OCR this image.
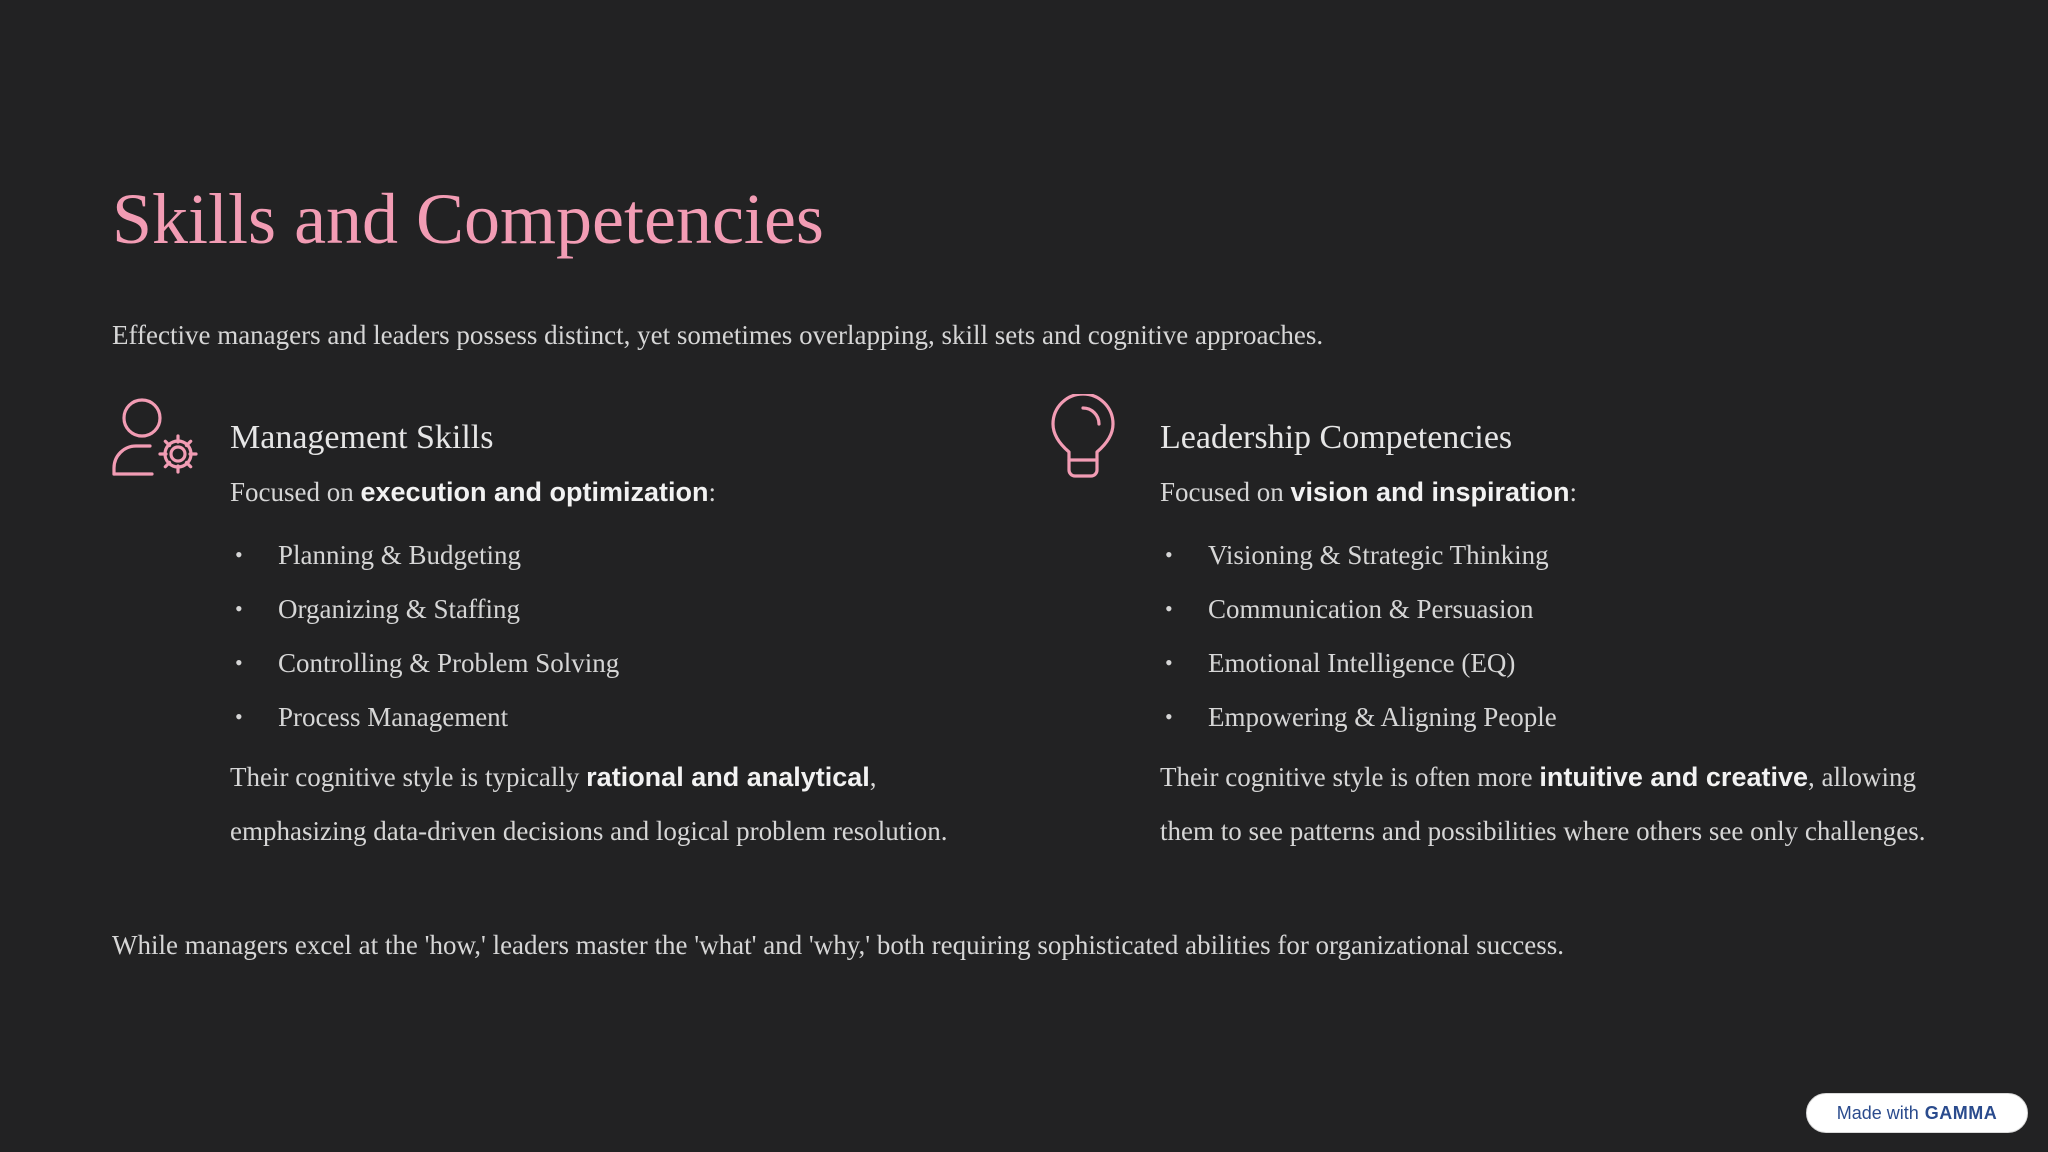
Skills and Competencies

Effective managers and leaders possess distinct, yet sometimes overlapping, skill sets and cognitive approaches.

Management Skills

Focused on execution and optimization:

• Planning & Budgeting
• Organizing & Staffing
• Controlling & Problem Solving
• Process Management

Their cognitive style is typically rational and analytical, emphasizing data-driven decisions and logical problem resolution.

Leadership Competencies

Focused on vision and inspiration:

• Visioning & Strategic Thinking
• Communication & Persuasion
• Emotional Intelligence (EQ)
• Empowering & Aligning People

Their cognitive style is often more intuitive and creative, allowing them to see patterns and possibilities where others see only challenges.

While managers excel at the 'how,' leaders master the 'what' and 'why,' both requiring sophisticated abilities for organizational success.

Made with GAMMA
